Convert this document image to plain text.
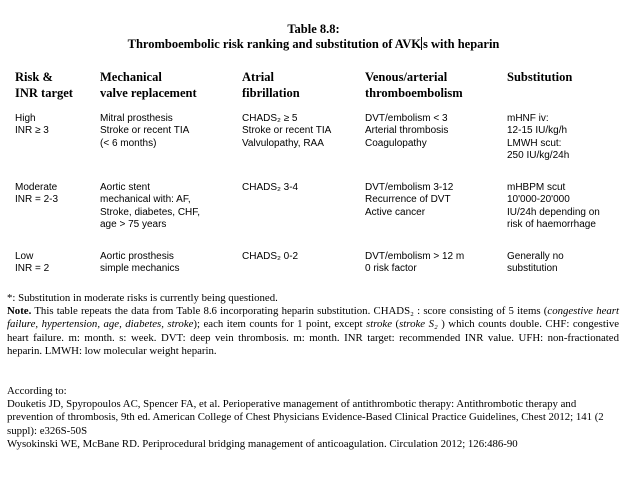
Table 8.8:
Thromboembolic risk ranking and substitution of AVK s with heparin
Risk &
INR target
Mechanical
valve replacement
Atrial
fibrillation
Venous/arterial
thromboembolism
Substitution
High
INR ≥ 3
Mitral prosthesis
Stroke or recent TIA
(< 6 months)
CHADS₂ ≥ 5
Stroke or recent TIA
Valvulopathy, RAA
DVT/embolism < 3
Arterial thrombosis
Coagulopathy
mHNF iv:
12-15 IU/kg/h
LMWH scut:
250 IU/kg/24h
Moderate
INR = 2-3
Aortic stent
mechanical with: AF,
Stroke, diabetes, CHF,
age > 75 years
CHADS₂ 3-4	DVT/embolism 3-12
Recurrence of DVT
Active cancer
mHBPM scut
10'000-20'000
IU/24h depending on
risk of haemorrhage
Low
INR = 2
Aortic prosthesis
simple mechanics
CHADS₂ 0-2	DVT/embolism > 12 m
0 risk factor
Generally no
substitution

*: Substitution in moderate risks is currently being questioned.

Note. This table repeats the data from Table 8.6 incorporating heparin substitution. CHADS₂ : score consisting of 5 items (congestive heart failure, hypertension, age, diabetes, stroke); each item counts for 1 point, except stroke (stroke S₂ ) which counts double. CHF: congestive heart failure. m: month. s: week. DVT: deep vein thrombosis. m: month. INR target: recommended INR value. UFH: non-fractionated heparin. LMWH: low molecular weight heparin.

According to:

Douketis JD, Spyropoulos AC, Spencer FA, et al. Perioperative management of antithrombotic therapy: Antithrombotic therapy and prevention of thrombosis, 9th ed. American College of Chest Physicians Evidence-Based Clinical Practice Guidelines, Chest 2012; 141 (2 suppl): e326S-50S

Wysokinski WE, McBane RD. Periprocedural bridging management of anticoagulation. Circulation 2012; 126:486-90
